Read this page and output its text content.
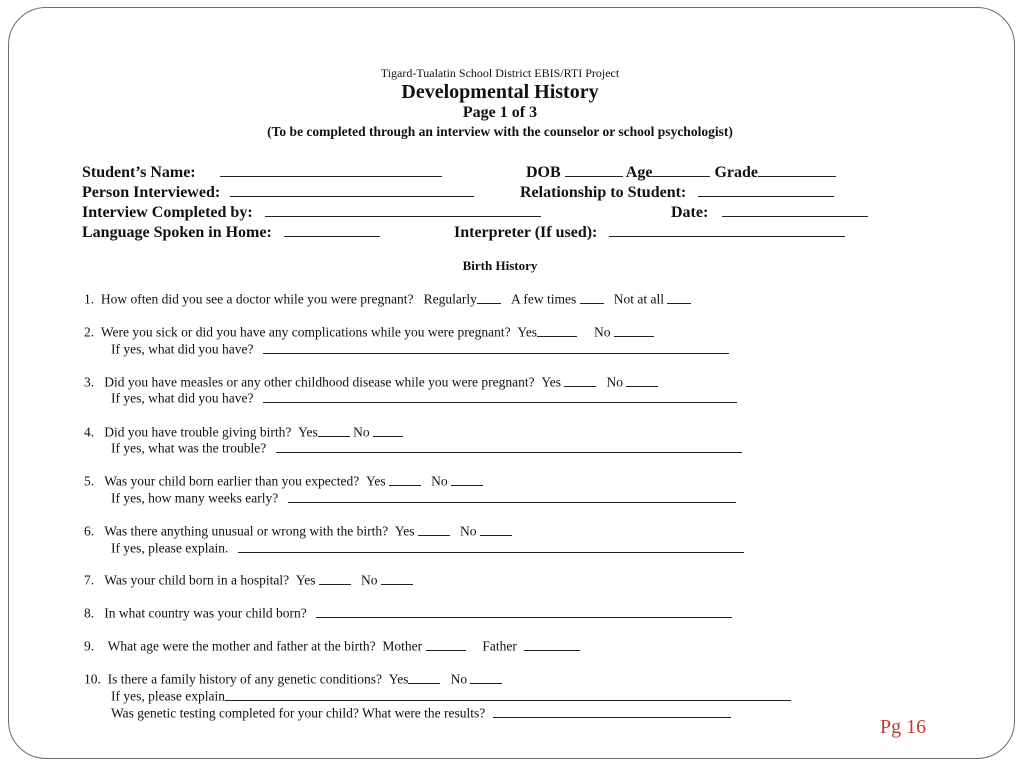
Tigard-Tualatin School District EBIS/RTI Project
Developmental History
Page 1 of 3
(To be completed through an interview with the counselor or school psychologist)
Student’s Name:	DOB	Age	Grade
Person Interviewed:	Relationship to Student:
Interview Completed by:	Date:
Language Spoken in Home:	Interpreter (If used):
Birth History
1. How often did you see a doctor while you were pregnant? Regularly	A few times	Not at all
2. Were you sick or did you have any complications while you were pregnant? Yes	No
If yes, what did you have?
3. Did you have measles or any other childhood disease while you were pregnant? Yes	No
If yes, what did you have?
4. Did you have trouble giving birth? Yes	No
If yes, what was the trouble?
5. Was your child born earlier than you expected? Yes	No
If yes, how many weeks early?
6. Was there anything unusual or wrong with the birth? Yes	No
If yes, please explain.
7. Was your child born in a hospital? Yes	No
8. In what country was your child born?
9. What age were the mother and father at the birth? Mother	Father
10. Is there a family history of any genetic conditions? Yes	No
If yes, please explain
Was genetic testing completed for your child? What were the results?
Pg 16
